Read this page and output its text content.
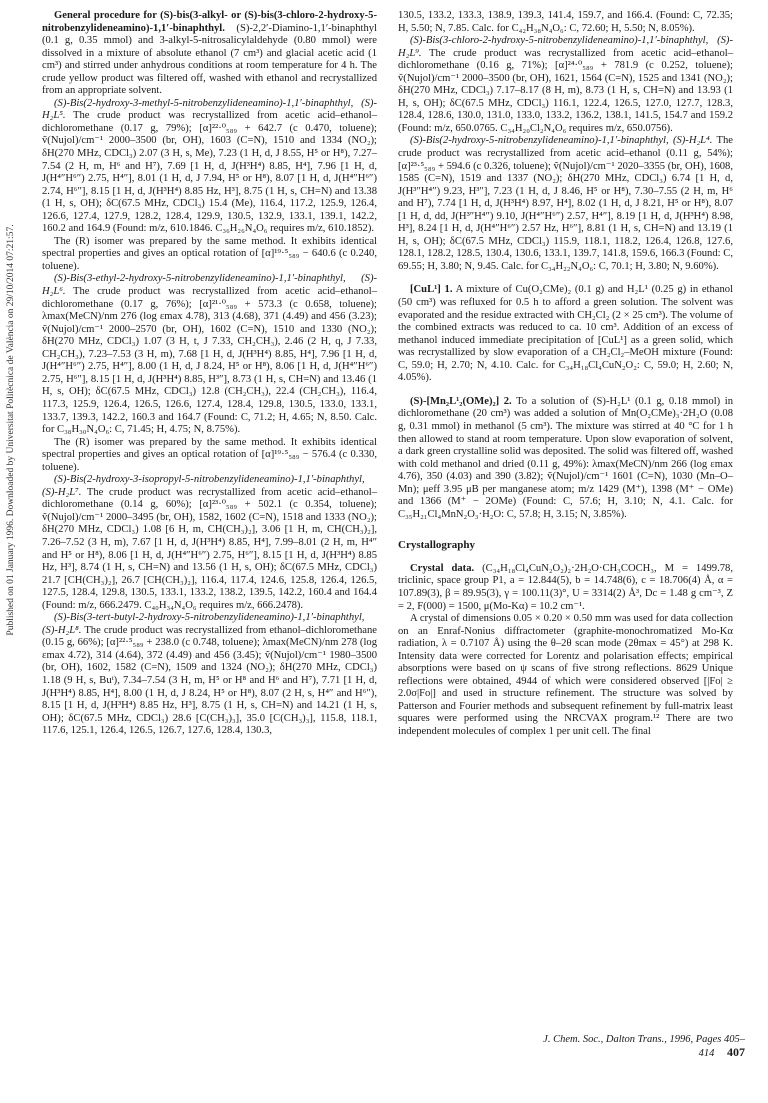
Published on 01 January 1996. Downloaded by Universitat Politècnica de València on 29/10/2014 07:21:57.

General procedure for (S)-bis(3-alkyl- or (S)-bis(3-chloro-2-hydroxy-5-nitrobenzylideneamino)-1,1′-binaphthyl. (S)-2,2′-Diamino-1,1′-binaphthyl (0.1 g, 0.35 mmol) and 3-alkyl-5-nitrosalicylaldehyde (0.80 mmol) were dissolved in a mixture of absolute ethanol (7 cm³) and glacial acetic acid (1 cm³) and stirred under anhydrous conditions at room temperature for 4 h. The crude yellow product was filtered off, washed with ethanol and recrystallized from an appropriate solvent.

(S)-Bis(2-hydroxy-3-methyl-5-nitrobenzylideneamino)-1,1′-binaphthyl, (S)-H₂L⁵. The crude product was recrystallized from acetic acid–ethanol–dichloromethane (0.17 g, 79%); [α]²²·⁰₅₈₉ + 642.7 (c 0.470, toluene); ṽ(Nujol)/cm⁻¹ 2000–3500 (br, OH), 1603 (C=N), 1510 and 1334 (NO₂); δH(270 MHz, CDCl₃) 2.07 (3 H, s, Me), 7.23 (1 H, d, J 8.55, H⁵ or H⁸), 7.27–7.54 (2 H, m, H⁶ and H⁷), 7.69 [1 H, d, J(H³H⁴) 8.85, H⁴], 7.96 [1 H, d, J(H⁴″H⁶″) 2.75, H⁴″], 8.01 (1 H, d, J 7.94, H⁵ or H⁸), 8.07 [1 H, d, J(H⁴″H⁶″) 2.74, H⁶″], 8.15 [1 H, d, J(H³H⁴) 8.85 Hz, H³], 8.75 (1 H, s, CH=N) and 13.38 (1 H, s, OH); δC(67.5 MHz, CDCl₃) 15.4 (Me), 116.4, 117.2, 125.9, 126.4, 126.6, 127.4, 127.9, 128.2, 128.4, 129.9, 130.5, 132.9, 133.1, 139.1, 142.2, 160.2 and 164.9 (Found: m/z, 610.1846. C₃₆H₂₆N₄O₆ requires m/z, 610.1852).

The (R) isomer was prepared by the same method. It exhibits identical spectral properties and gives an optical rotation of [α]¹⁹·⁵₅₈₉ − 640.6 (c 0.240, toluene).

(S)-Bis(3-ethyl-2-hydroxy-5-nitrobenzylideneamino)-1,1′-binaphthyl, (S)-H₂L⁶. The crude product was recrystallized from acetic acid–ethanol–dichloromethane (0.17 g, 76%); [α]²¹·⁰₅₈₉ + 573.3 (c 0.658, toluene); λmax(MeCN)/nm 276 (log εmax 4.78), 313 (4.68), 371 (4.49) and 456 (3.23); ṽ(Nujol)/cm⁻¹ 2000–2570 (br, OH), 1602 (C=N), 1510 and 1330 (NO₂); δH(270 MHz, CDCl₃) 1.07 (3 H, t, J 7.33, CH₂CH₃), 2.46 (2 H, q, J 7.33, CH₂CH₃), 7.23–7.53 (3 H, m), 7.68 [1 H, d, J(H³H⁴) 8.85, H⁴], 7.96 [1 H, d, J(H⁴″H⁶″) 2.75, H⁴″], 8.00 (1 H, d, J 8.24, H⁵ or H⁸), 8.06 [1 H, d, J(H⁴″H⁶″) 2.75, H⁶″], 8.15 [1 H, d, J(H³H⁴) 8.85, H³″], 8.73 (1 H, s, CH=N) and 13.46 (1 H, s, OH); δC(67.5 MHz, CDCl₃) 12.8 (CH₂CH₃), 22.4 (CH₂CH₃), 116.4, 117.3, 125.9, 126.4, 126.5, 126.6, 127.4, 128.4, 129.8, 130.5, 133.0, 133.1, 133.7, 139.3, 142.2, 160.3 and 164.7 (Found: C, 71.2; H, 4.65; N, 8.50. Calc. for C₃₈H₃₀N₄O₆: C, 71.45; H, 4.75; N, 8.75%).

The (R) isomer was prepared by the same method. It exhibits identical spectral properties and gives an optical rotation of [α]¹⁹·⁵₅₈₉ − 576.4 (c 0.330, toluene).

(S)-Bis(2-hydroxy-3-isopropyl-5-nitrobenzylideneamino)-1,1′-binaphthyl, (S)-H₂L⁷. The crude product was recrystallized from acetic acid–ethanol–dichloromethane (0.14 g, 60%); [α]²³·⁰₅₈₉ + 502.1 (c 0.354, toluene); ṽ(Nujol)/cm⁻¹ 2000–3495 (br, OH), 1582, 1602 (C=N), 1518 and 1333 (NO₂); δH(270 MHz, CDCl₃) 1.08 [6 H, m, CH(CH₃)₂], 3.06 [1 H, m, CH(CH₃)₂], 7.26–7.52 (3 H, m), 7.67 [1 H, d, J(H³H⁴) 8.85, H⁴], 7.99–8.01 (2 H, m, H⁴″ and H⁵ or H⁸), 8.06 [1 H, d, J(H⁴″H⁶″) 2.75, H⁶″], 8.15 [1 H, d, J(H³H⁴) 8.85 Hz, H³], 8.74 (1 H, s, CH=N) and 13.56 (1 H, s, OH); δC(67.5 MHz, CDCl₃) 21.7 [CH(CH₃)₂], 26.7 [CH(CH₃)₂], 116.4, 117.4, 124.6, 125.8, 126.4, 126.5, 127.5, 128.4, 129.8, 130.5, 133.1, 133.2, 138.2, 139.5, 142.2, 160.4 and 164.4 (Found: m/z, 666.2479. C₄₀H₃₄N₄O₆ requires m/z, 666.2478).

(S)-Bis(3-tert-butyl-2-hydroxy-5-nitrobenzylideneamino)-1,1′-binaphthyl, (S)-H₂L⁸. The crude product was recrystallized from ethanol–dichloromethane (0.15 g, 66%); [α]²²·⁵₅₈₉ + 238.0 (c 0.748, toluene); λmax(MeCN)/nm 278 (log εmax 4.72), 314 (4.64), 372 (4.49) and 456 (3.45); ṽ(Nujol)/cm⁻¹ 1980–3500 (br, OH), 1602, 1582 (C=N), 1509 and 1324 (NO₂); δH(270 MHz, CDCl₃) 1.18 (9 H, s, Buᵗ), 7.34–7.54 (3 H, m, H⁵ or H⁸ and H⁶ and H⁷), 7.71 [1 H, d, J(H³H⁴) 8.85, H⁴], 8.00 (1 H, d, J 8.24, H⁵ or H⁸), 8.07 (2 H, s, H⁴″ and H⁶″), 8.15 [1 H, d, J(H³H⁴) 8.85 Hz, H³], 8.75 (1 H, s, CH=N) and 14.21 (1 H, s, OH); δC(67.5 MHz, CDCl₃) 28.6 [C(CH₃)₃], 35.0 [C(CH₃)₃], 115.8, 118.1, 117.6, 125.1, 126.4, 126.5, 126.7, 127.6, 128.4, 130.3,

130.5, 133.2, 133.3, 138.9, 139.3, 141.4, 159.7, and 166.4. (Found: C, 72.35; H, 5.50; N, 7.85. Calc. for C₄₂H₃₈N₄O₆: C, 72.60; H, 5.50; N, 8.05%).

(S)-Bis(3-chloro-2-hydroxy-5-nitrobenzylideneamino)-1,1′-binaphthyl, (S)-H₂L⁹. The crude product was recrystallized from acetic acid–ethanol–dichloromethane (0.16 g, 71%); [α]²⁴·⁰₅₈₉ + 781.9 (c 0.252, toluene); ṽ(Nujol)/cm⁻¹ 2000–3500 (br, OH), 1621, 1564 (C=N), 1525 and 1341 (NO₂); δH(270 MHz, CDCl₃) 7.17–8.17 (8 H, m), 8.73 (1 H, s, CH=N) and 13.93 (1 H, s, OH); δC(67.5 MHz, CDCl₃) 116.1, 122.4, 126.5, 127.0, 127.7, 128.3, 128.4, 128.6, 130.0, 131.0, 133.0, 133.2, 136.2, 138.1, 141.5, 154.7 and 159.2 (Found: m/z, 650.0765. C₃₄H₂₀Cl₂N₄O₆ requires m/z, 650.0756).

(S)-Bis(2-hydroxy-5-nitrobenzylideneamino)-1,1′-binaphthyl, (S)-H₂L⁴. The crude product was recrystallized from acetic acid–ethanol (0.11 g, 54%); [α]²³·⁵₅₈₉ + 594.6 (c 0.326, toluene); ṽ(Nujol)/cm⁻¹ 2020–3355 (br, OH), 1608, 1585 (C=N), 1519 and 1337 (NO₂); δH(270 MHz, CDCl₃) 6.74 [1 H, d, J(H³″H⁴″) 9.23, H³″], 7.23 (1 H, d, J 8.46, H⁵ or H⁸), 7.30–7.55 (2 H, m, H⁶ and H⁷), 7.74 [1 H, d, J(H³H⁴) 8.97, H⁴], 8.02 (1 H, d, J 8.21, H⁵ or H⁸), 8.07 [1 H, d, dd, J(H³″H⁴″) 9.10, J(H⁴″H⁶″) 2.57, H⁴″], 8.19 [1 H, d, J(H³H⁴) 8.98, H³], 8.24 [1 H, d, J(H⁴″H⁶″) 2.57 Hz, H⁶″], 8.81 (1 H, s, CH=N) and 13.19 (1 H, s, OH); δC(67.5 MHz, CDCl₃) 115.9, 118.1, 118.2, 126.4, 126.8, 127.6, 128.1, 128.2, 128.5, 130.4, 130.6, 133.1, 139.7, 141.8, 159.6, 166.3 (Found: C, 69.55; H, 3.80; N, 9.45. Calc. for C₃₄H₂₂N₄O₆: C, 70.1; H, 3.80; N, 9.60%).

[CuL¹] 1. A mixture of Cu(O₂CMe)₂ (0.1 g) and H₂L¹ (0.25 g) in ethanol (50 cm³) was refluxed for 0.5 h to afford a green solution. The solvent was evaporated and the residue extracted with CH₂Cl₂ (2 × 25 cm³). The volume of the combined extracts was reduced to ca. 10 cm³. Addition of an excess of methanol induced immediate precipitation of [CuL¹] as a green solid, which was recrystallized by slow evaporation of a CH₂Cl₂–MeOH mixture (Found: C, 59.0; H, 2.70; N, 4.10. Calc. for C₃₄H₁₈Cl₄CuN₂O₂: C, 59.0; H, 2.60; N, 4.05%).

(S)-[Mn₂L¹₂(OMe)₂] 2. To a solution of (S)-H₂L¹ (0.1 g, 0.18 mmol) in dichloromethane (20 cm³) was added a solution of Mn(O₂CMe)₃·2H₂O (0.08 g, 0.31 mmol) in methanol (5 cm³). The mixture was stirred at 40 °C for 1 h then allowed to stand at room temperature. Upon slow evaporation of solvent, a dark green crystalline solid was deposited. The solid was filtered off, washed with cold methanol and dried (0.11 g, 49%): λmax(MeCN)/nm 266 (log εmax 4.76), 350 (4.03) and 390 (3.82); ṽ(Nujol)/cm⁻¹ 1601 (C=N), 1030 (Mn–O–Mn); μeff 3.95 μB per manganese atom; m/z 1429 (M⁺), 1398 (M⁺ − OMe) and 1366 (M⁺ − 2OMe) (Found: C, 57.6; H, 3.10; N, 4.1. Calc. for C₃₅H₂₁Cl₄MnN₂O₃·H₂O: C, 57.8; H, 3.15; N, 3.85%).

Crystallography

Crystal data. (C₃₄H₁₈Cl₄CuN₂O₂)₂·2H₂O·CH₃COCH₃, M = 1499.78, triclinic, space group P1, a = 12.844(5), b = 14.748(6), c = 18.706(4) Å, α = 107.89(3), β = 89.95(3), γ = 100.11(3)°, U = 3314(2) Å³, Dc = 1.48 g cm⁻³, Z = 2, F(000) = 1500, μ(Mo-Kα) = 10.2 cm⁻¹.

A crystal of dimensions 0.05 × 0.20 × 0.50 mm was used for data collection on an Enraf-Nonius diffractometer (graphite-monochromatized Mo-Kα radiation, λ = 0.7107 Å) using the θ–2θ scan mode (2θmax = 45°) at 298 K. Intensity data were corrected for Lorentz and polarisation effects; empirical absorptions were based on ψ scans of five strong reflections. 8629 Unique reflections were obtained, 4944 of which were considered observed [|Fo| ≥ 2.0σ|Fo|] and used in structure refinement. The structure was solved by Patterson and Fourier methods and subsequent refinement by full-matrix least squares were performed using the NRCVAX program.¹² There are two independent molecules of complex 1 per unit cell. The final

J. Chem. Soc., Dalton Trans., 1996, Pages 405–414 407
